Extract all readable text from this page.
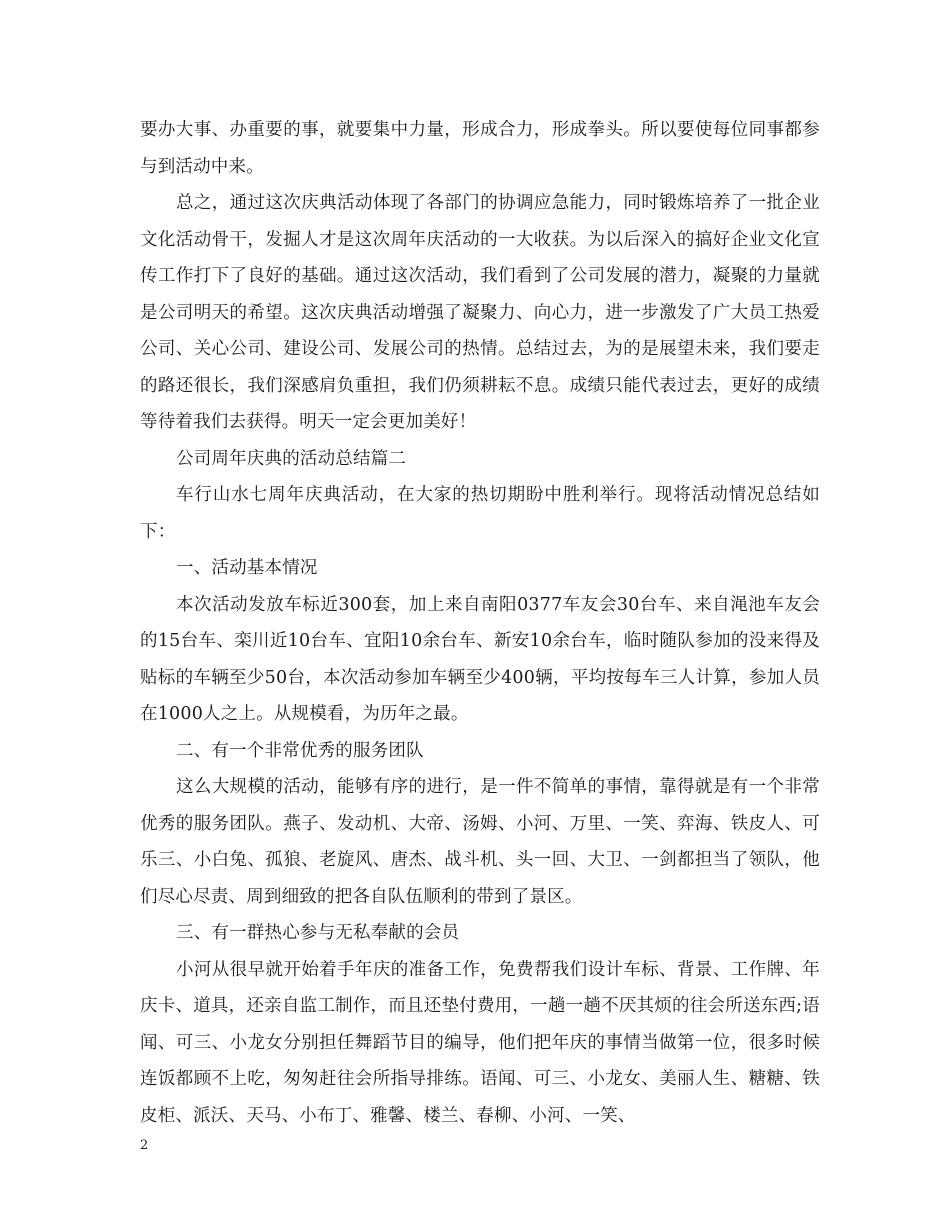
要办大事、办重要的事，就要集中力量，形成合力，形成拳头。所以要使每位同事都参与到活动中来。

总之，通过这次庆典活动体现了各部门的协调应急能力，同时锻炼培养了一批企业文化活动骨干，发掘人才是这次周年庆活动的一大收获。为以后深入的搞好企业文化宣传工作打下了良好的基础。通过这次活动，我们看到了公司发展的潜力，凝聚的力量就是公司明天的希望。这次庆典活动增强了凝聚力、向心力，进一步激发了广大员工热爱公司、关心公司、建设公司、发展公司的热情。总结过去，为的是展望未来，我们要走的路还很长，我们深感肩负重担，我们仍须耕耘不息。成绩只能代表过去，更好的成绩等待着我们去获得。明天一定会更加美好！

公司周年庆典的活动总结篇二

车行山水七周年庆典活动，在大家的热切期盼中胜利举行。现将活动情况总结如下：

一、活动基本情况

本次活动发放车标近300套，加上来自南阳0377车友会30台车、来自渑池车友会的15台车、栾川近10台车、宜阳10余台车、新安10余台车，临时随队参加的没来得及贴标的车辆至少50台，本次活动参加车辆至少400辆，平均按每车三人计算，参加人员在1000人之上。从规模看，为历年之最。

二、有一个非常优秀的服务团队

这么大规模的活动，能够有序的进行，是一件不简单的事情，靠得就是有一个非常优秀的服务团队。燕子、发动机、大帝、汤姆、小河、万里、一笑、弈海、铁皮人、可乐三、小白兔、孤狼、老旋风、唐杰、战斗机、头一回、大卫、一剑都担当了领队，他们尽心尽责、周到细致的把各自队伍顺利的带到了景区。

三、有一群热心参与无私奉献的会员

小河从很早就开始着手年庆的准备工作，免费帮我们设计车标、背景、工作牌、年庆卡、道具，还亲自监工制作，而且还垫付费用，一趟一趟不厌其烦的往会所送东西;语闻、可三、小龙女分别担任舞蹈节目的编导，他们把年庆的事情当做第一位，很多时候连饭都顾不上吃，匆匆赶往会所指导排练。语闻、可三、小龙女、美丽人生、糖糖、铁皮柜、派沃、天马、小布丁、雅馨、楼兰、春柳、小河、一笑、

2
